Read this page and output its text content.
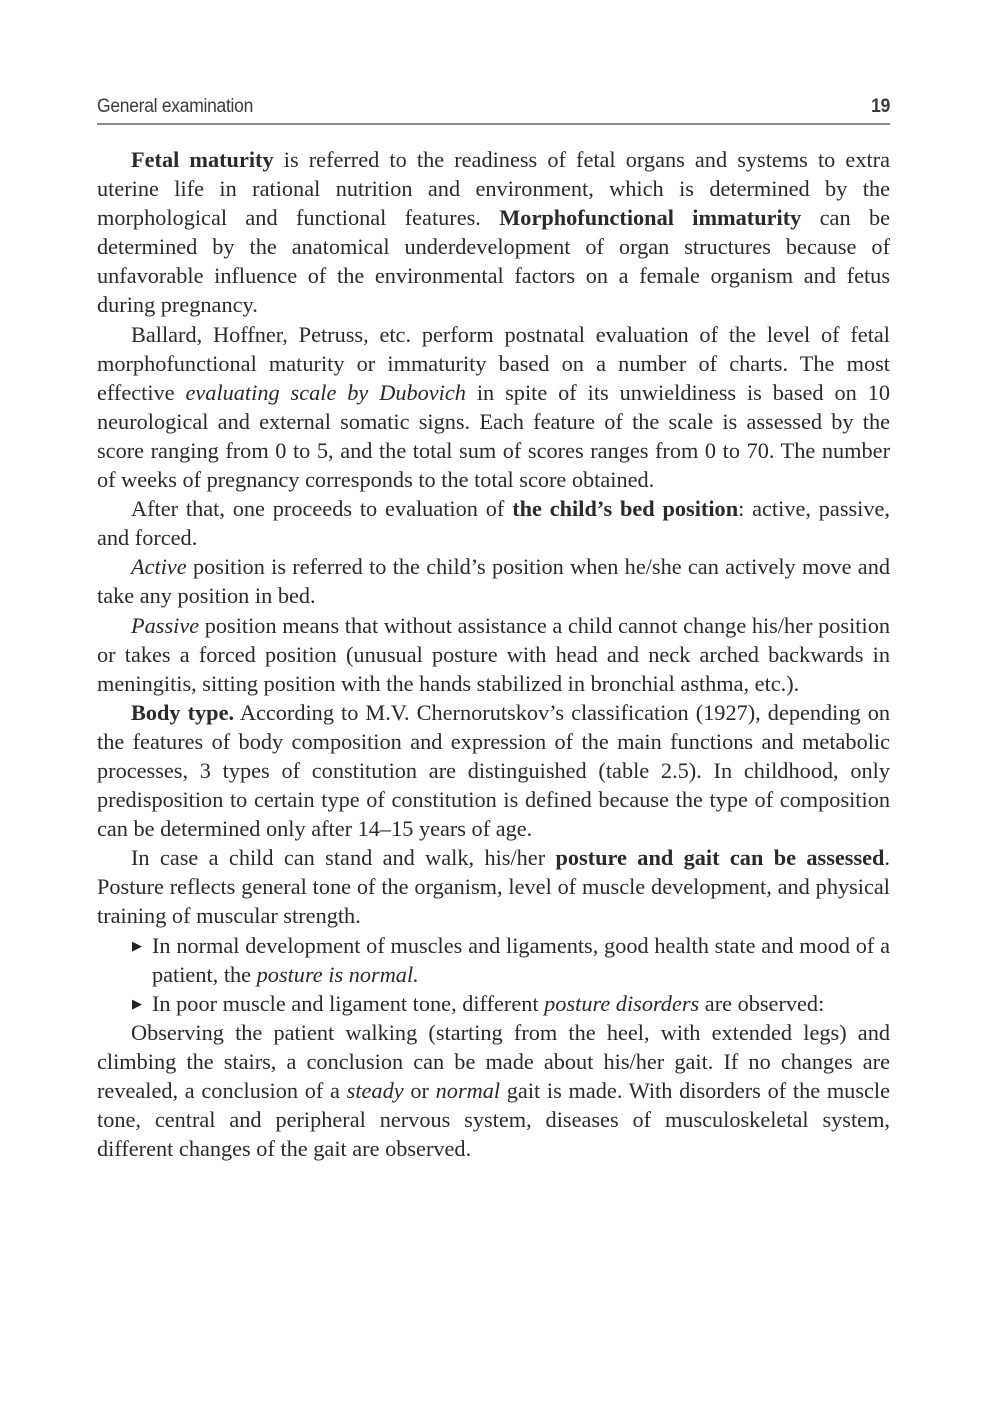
General examination	19

Fetal maturity is referred to the readiness of fetal organs and systems to extra uterine life in rational nutrition and environment, which is determined by the morphological and functional features. Morphofunctional immaturity can be determined by the anatomical underdevelopment of organ structures because of unfavorable influence of the environmental factors on a female organism and fetus during pregnancy.

Ballard, Hoffner, Petruss, etc. perform postnatal evaluation of the level of fetal morphofunctional maturity or immaturity based on a number of charts. The most effective evaluating scale by Dubovich in spite of its unwieldiness is based on 10 neurological and external somatic signs. Each feature of the scale is assessed by the score ranging from 0 to 5, and the total sum of scores ranges from 0 to 70. The number of weeks of pregnancy corresponds to the total score obtained.

After that, one proceeds to evaluation of the child’s bed position: active, passive, and forced.

Active position is referred to the child’s position when he/she can actively move and take any position in bed.

Passive position means that without assistance a child cannot change his/her position or takes a forced position (unusual posture with head and neck arched backwards in meningitis, sitting position with the hands stabilized in bronchial asthma, etc.).

Body type. According to M.V. Chernorutskov’s classification (1927), depending on the features of body composition and expression of the main functions and metabolic processes, 3 types of constitution are distinguished (table 2.5). In childhood, only predisposition to certain type of constitution is defined because the type of composition can be determined only after 14–15 years of age.

In case a child can stand and walk, his/her posture and gait can be assessed. Posture reflects general tone of the organism, level of muscle development, and physical training of muscular strength.

▶ In normal development of muscles and ligaments, good health state and mood of a patient, the posture is normal.
▶ In poor muscle and ligament tone, different posture disorders are observed:

Observing the patient walking (starting from the heel, with extended legs) and climbing the stairs, a conclusion can be made about his/her gait. If no changes are revealed, a conclusion of a steady or normal gait is made. With disorders of the muscle tone, central and peripheral nervous system, diseases of musculoskeletal system, different changes of the gait are observed.
